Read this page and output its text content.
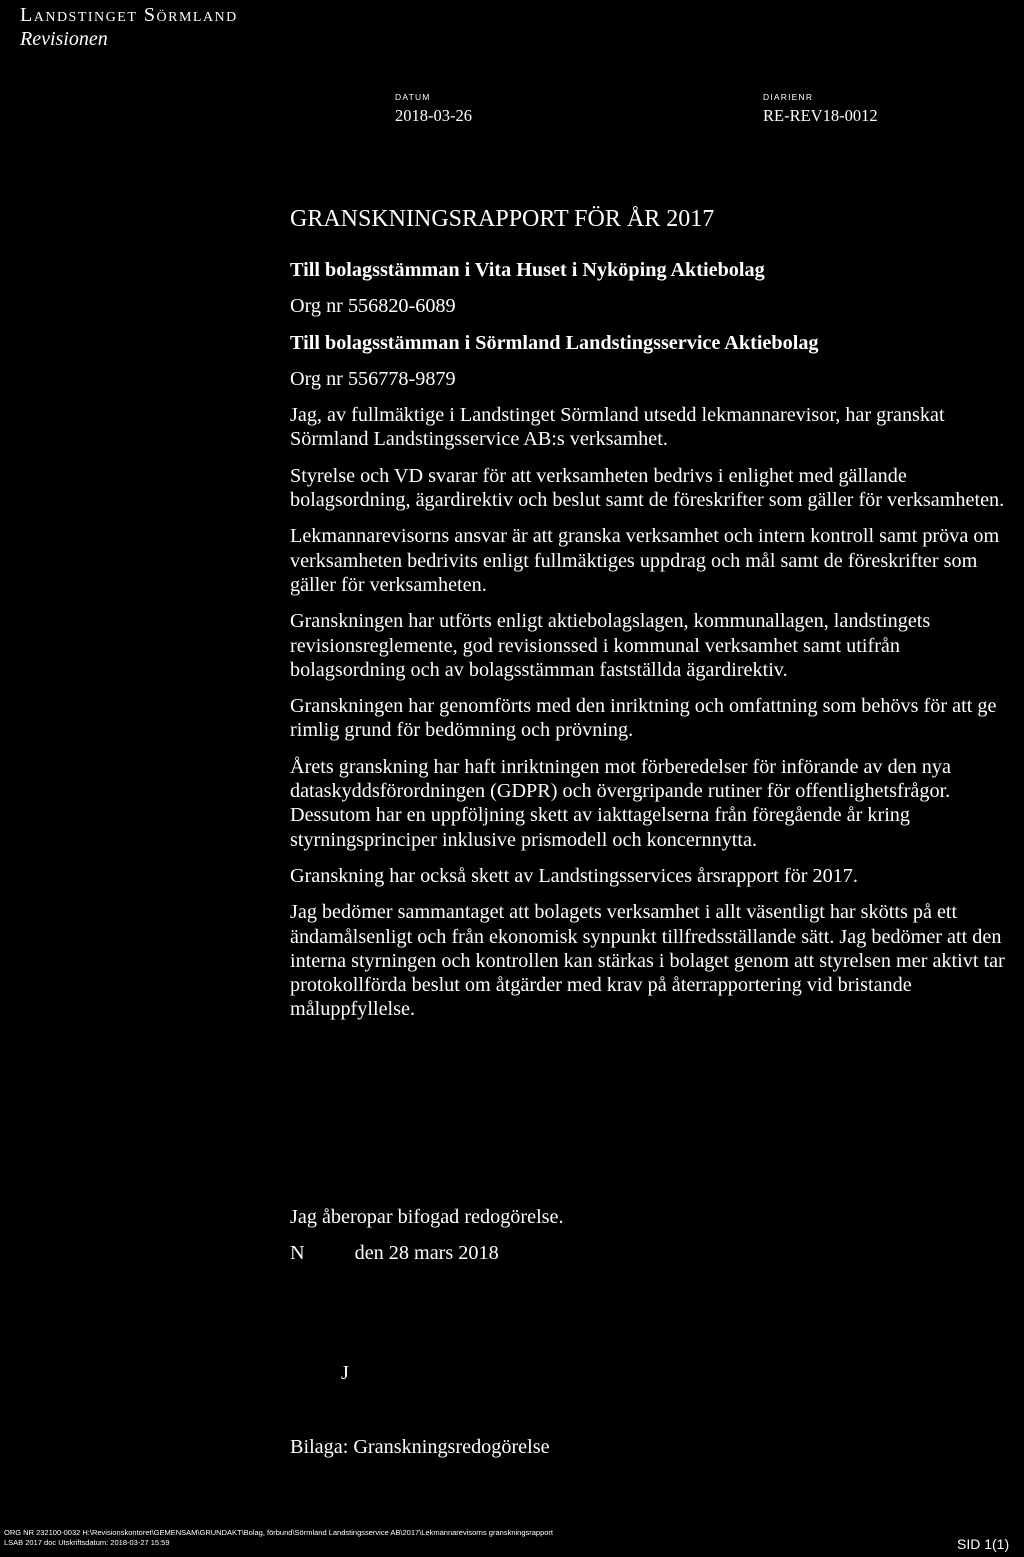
Landstinget Sörmland
Revisionen
DATUM
2018-03-26
DIARIENR
RE-REV18-0012
GRANSKNINGSRAPPORT FÖR ÅR 2017

Till bolagsstämman i Vita Huset i Nyköping Aktiebolag

Org nr 556820-6089

Till bolagsstämman i Sörmland Landstingsservice Aktiebolag

Org nr 556778-9879

Jag, av fullmäktige i Landstinget Sörmland utsedd lekmannarevisor, har granskat Sörmland Landstingsservice AB:s verksamhet.

Styrelse och VD svarar för att verksamheten bedrivs i enlighet med gällande bolagsordning, ägardirektiv och beslut samt de föreskrifter som gäller för verksamheten.

Lekmannarevisorns ansvar är att granska verksamhet och intern kontroll samt pröva om verksamheten bedrivits enligt fullmäktiges uppdrag och mål samt de föreskrifter som gäller för verksamheten.

Granskningen har utförts enligt aktiebolagslagen, kommunallagen, landstingets revisionsreglemente, god revisionssed i kommunal verksamhet samt utifrån bolagsordning och av bolagsstämman fastställda ägardirektiv.

Granskningen har genomförts med den inriktning och omfattning som behövs för att ge rimlig grund för bedömning och prövning.

Årets granskning har haft inriktningen mot förberedelser för införande av den nya dataskyddsförordningen (GDPR) och övergripande rutiner för offentlighetsfrågor. Dessutom har en uppföljning skett av iakttagelserna från föregående år kring styrningsprinciper inklusive prismodell och koncernnytta.

Granskning har också skett av Landstingsservices årsrapport för 2017.

Jag bedömer sammantaget att bolagets verksamhet i allt väsentligt har skötts på ett ändamålsenligt och från ekonomisk synpunkt tillfredsställande sätt. Jag bedömer att den interna styrningen och kontrollen kan stärkas i bolaget genom att styrelsen mer aktivt tar protokollförda beslut om åtgärder med krav på återrapportering vid bristande måluppfyllelse.

Jag åberopar bifogad redogörelse.
N den 28 mars 2018
J
Bilaga: Granskningsredogörelse
ORG NR 232100-0032 H:\Revisionskontoret\GEMENSAM\GRUNDAKT\Bolag, förbund\Sörmland Landstingsservice AB\2017\Lekmannarevisorns granskningsrapport
LSAB 2017 doc Utskriftsdatum: 2018-03-27 15:59	SID 1(1)
